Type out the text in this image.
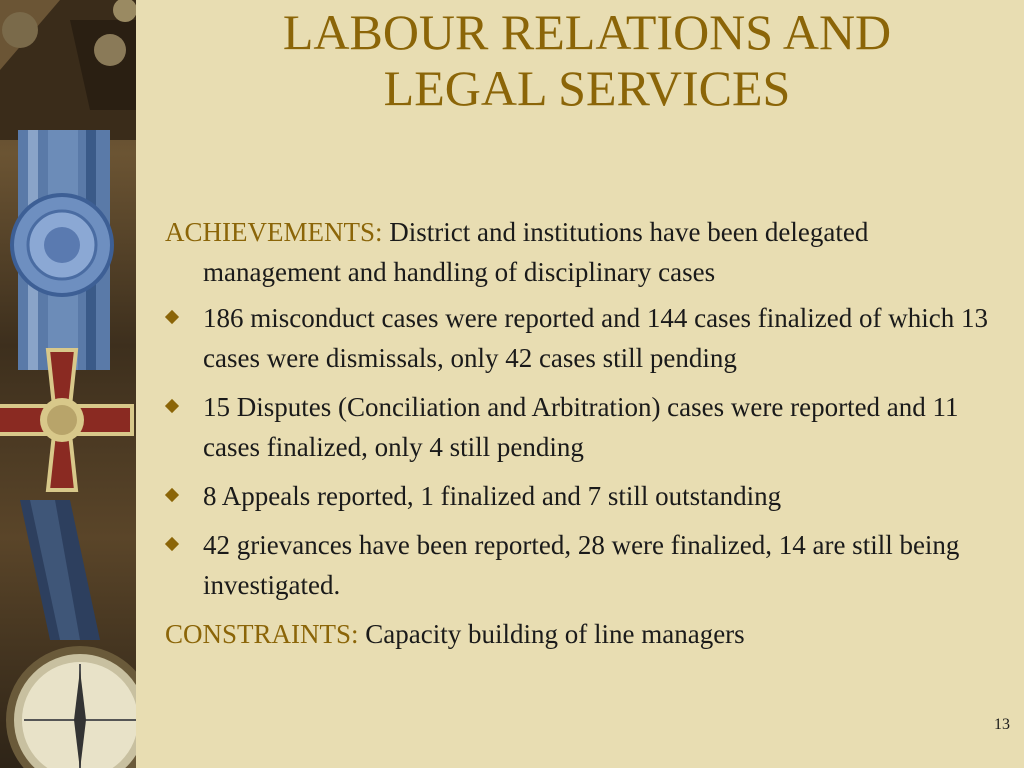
LABOUR RELATIONS AND
LEGAL SERVICES

ACHIEVEMENTS: District and institutions have been delegated management and handling of disciplinary cases

186 misconduct cases were reported and 144 cases finalized of which 13 cases were dismissals, only 42 cases still pending
15 Disputes (Conciliation and Arbitration) cases were reported and 11 cases finalized, only 4 still pending
8 Appeals reported, 1 finalized and 7 still outstanding
42 grievances have been reported, 28 were finalized, 14 are still being investigated.

CONSTRAINTS: Capacity building of line managers

13
